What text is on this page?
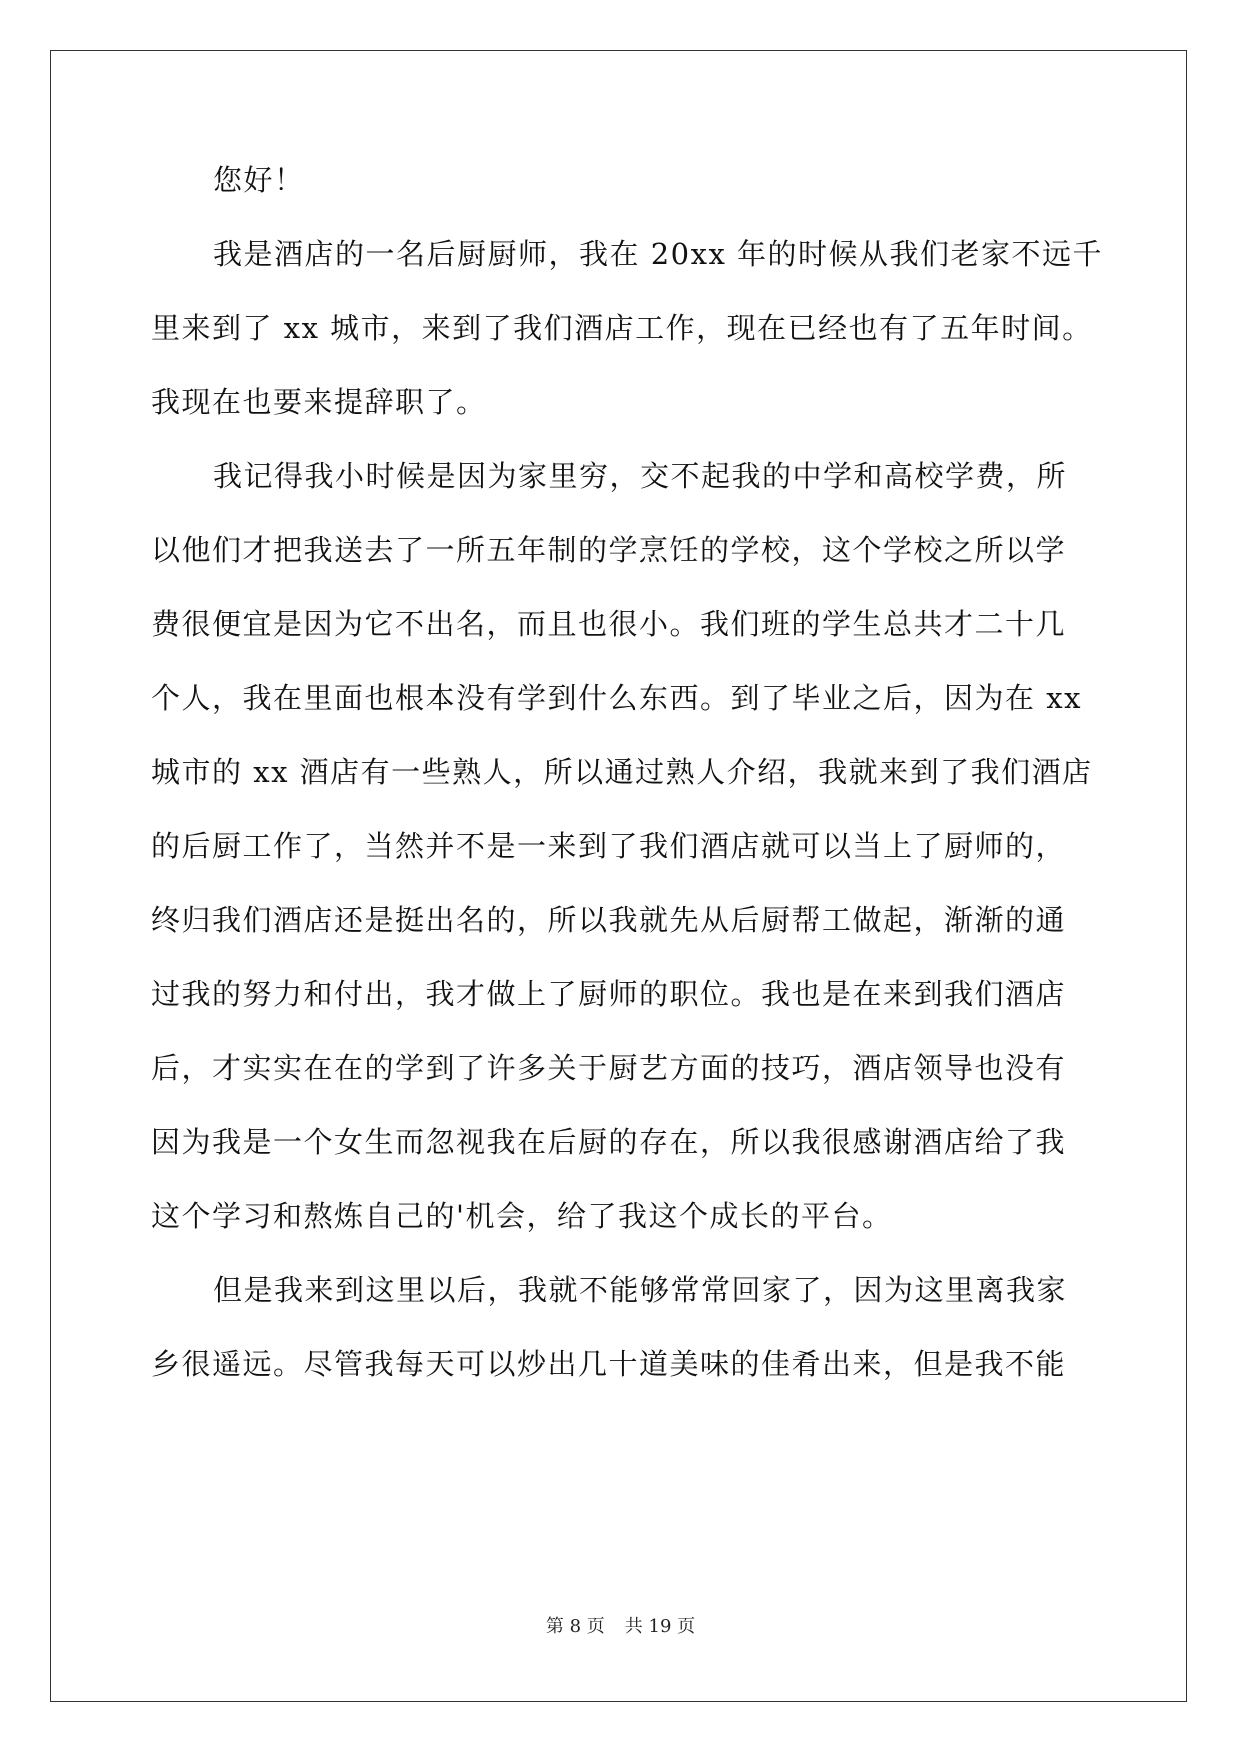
您好！
我是酒店的一名后厨厨师，我在 20xx 年的时候从我们老家不远千
里来到了 xx 城市，来到了我们酒店工作，现在已经也有了五年时间。
我现在也要来提辞职了。
我记得我小时候是因为家里穷，交不起我的中学和高校学费，所
以他们才把我送去了一所五年制的学烹饪的学校，这个学校之所以学
费很便宜是因为它不出名，而且也很小。我们班的学生总共才二十几
个人，我在里面也根本没有学到什么东西。到了毕业之后，因为在 xx
城市的 xx 酒店有一些熟人，所以通过熟人介绍，我就来到了我们酒店
的后厨工作了，当然并不是一来到了我们酒店就可以当上了厨师的，
终归我们酒店还是挺出名的，所以我就先从后厨帮工做起，渐渐的通
过我的努力和付出，我才做上了厨师的职位。我也是在来到我们酒店
后，才实实在在的学到了许多关于厨艺方面的技巧，酒店领导也没有
因为我是一个女生而忽视我在后厨的存在，所以我很感谢酒店给了我
这个学习和熬炼自己的'机会，给了我这个成长的平台。
但是我来到这里以后，我就不能够常常回家了，因为这里离我家
乡很遥远。尽管我每天可以炒出几十道美味的佳肴出来，但是我不能
第 8 页 共 19 页
